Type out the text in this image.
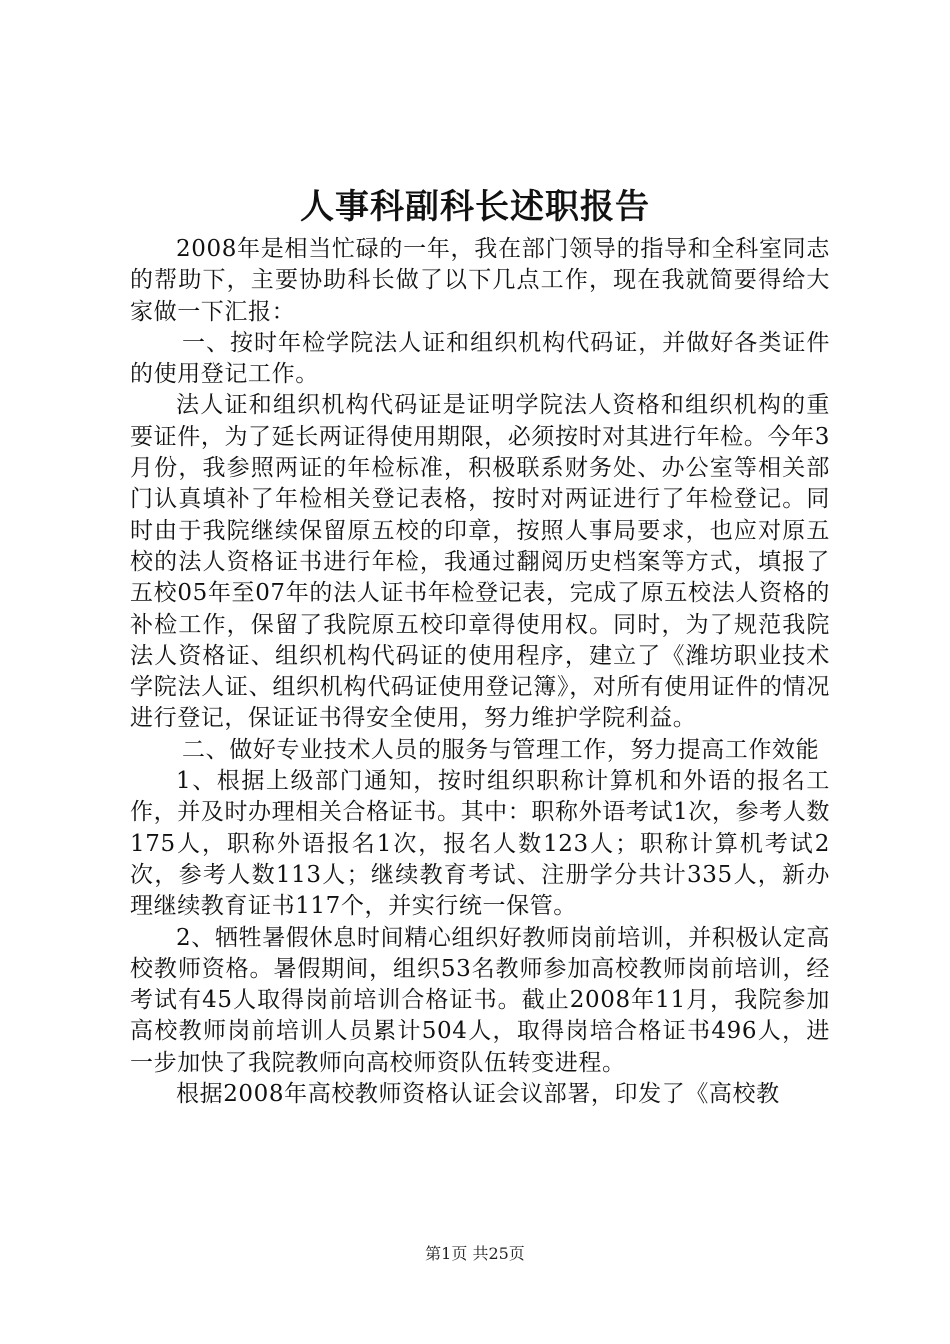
人事科副科长述职报告

2008年是相当忙碌的一年，我在部门领导的指导和全科室同志的帮助下，主要协助科长做了以下几点工作，现在我就简要得给大家做一下汇报：

一、按时年检学院法人证和组织机构代码证，并做好各类证件的使用登记工作。

法人证和组织机构代码证是证明学院法人资格和组织机构的重要证件，为了延长两证得使用期限，必须按时对其进行年检。今年3月份，我参照两证的年检标准，积极联系财务处、办公室等相关部门认真填补了年检相关登记表格，按时对两证进行了年检登记。同时由于我院继续保留原五校的印章，按照人事局要求，也应对原五校的法人资格证书进行年检，我通过翻阅历史档案等方式，填报了五校05年至07年的法人证书年检登记表，完成了原五校法人资格的补检工作，保留了我院原五校印章得使用权。同时，为了规范我院法人资格证、组织机构代码证的使用程序，建立了《潍坊职业技术学院法人证、组织机构代码证使用登记簿》，对所有使用证件的情况进行登记，保证证书得安全使用，努力维护学院利益。

二、做好专业技术人员的服务与管理工作，努力提高工作效能

1、根据上级部门通知，按时组织职称计算机和外语的报名工作，并及时办理相关合格证书。其中：职称外语考试1次，参考人数175人，职称外语报名1次，报名人数123人；职称计算机考试2次，参考人数113人；继续教育考试、注册学分共计335人，新办理继续教育证书117个，并实行统一保管。

2、牺牲暑假休息时间精心组织好教师岗前培训，并积极认定高校教师资格。暑假期间，组织53名教师参加高校教师岗前培训，经考试有45人取得岗前培训合格证书。截止2008年11月，我院参加高校教师岗前培训人员累计504人，取得岗培合格证书496人，进一步加快了我院教师向高校师资队伍转变进程。

根据2008年高校教师资格认证会议部署，印发了《高校教

第1页 共25页
